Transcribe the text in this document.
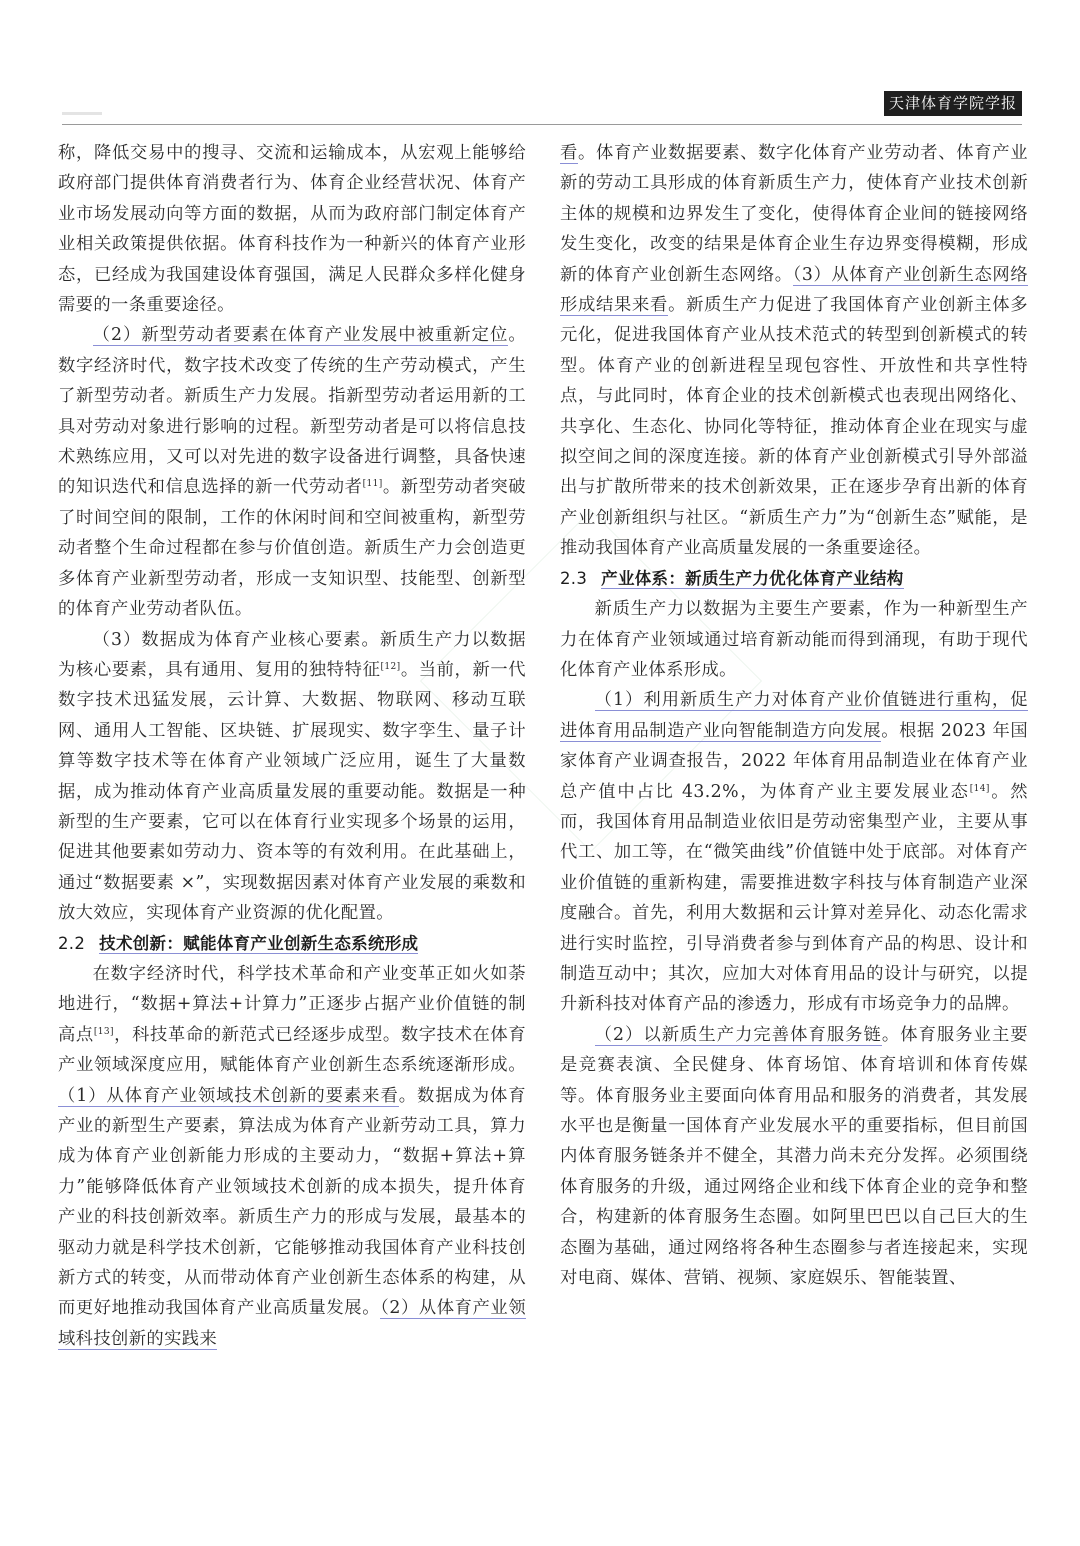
天津体育学院学报

称，降低交易中的搜寻、交流和运输成本，从宏观上能够给政府部门提供体育消费者行为、体育企业经营状况、体育产业市场发展动向等方面的数据，从而为政府部门制定体育产业相关政策提供依据。体育科技作为一种新兴的体育产业形态，已经成为我国建设体育强国，满足人民群众多样化健身需要的一条重要途径。

（2）新型劳动者要素在体育产业发展中被重新定位。数字经济时代，数字技术改变了传统的生产劳动模式，产生了新型劳动者。新质生产力发展。指新型劳动者运用新的工具对劳动对象进行影响的过程。新型劳动者是可以将信息技术熟练应用，又可以对先进的数字设备进行调整，具备快速的知识迭代和信息选择的新一代劳动者[11]。新型劳动者突破了时间空间的限制，工作的休闲时间和空间被重构，新型劳动者整个生命过程都在参与价值创造。新质生产力会创造更多体育产业新型劳动者，形成一支知识型、技能型、创新型的体育产业劳动者队伍。

（3）数据成为体育产业核心要素。新质生产力以数据为核心要素，具有通用、复用的独特特征[12]。当前，新一代数字技术迅猛发展，云计算、大数据、物联网、移动互联网、通用人工智能、区块链、扩展现实、数字孪生、量子计算等数字技术等在体育产业领域广泛应用，诞生了大量数据，成为推动体育产业高质量发展的重要动能。数据是一种新型的生产要素，它可以在体育行业实现多个场景的运用，促进其他要素如劳动力、资本等的有效利用。在此基础上，通过“数据要素 ×”，实现数据因素对体育产业发展的乘数和放大效应，实现体育产业资源的优化配置。

2.2 技术创新：赋能体育产业创新生态系统形成

在数字经济时代，科学技术革命和产业变革正如火如荼地进行，“数据+算法+计算力”正逐步占据产业价值链的制高点[13]，科技革命的新范式已经逐步成型。数字技术在体育产业领域深度应用，赋能体育产业创新生态系统逐渐形成。（1）从体育产业领域技术创新的要素来看。数据成为体育产业的新型生产要素，算法成为体育产业新劳动工具，算力成为体育产业创新能力形成的主要动力，“数据+算法+算力”能够降低体育产业领域技术创新的成本损失，提升体育产业的科技创新效率。新质生产力的形成与发展，最基本的驱动力就是科学技术创新，它能够推动我国体育产业科技创新方式的转变，从而带动体育产业创新生态体系的构建，从而更好地推动我国体育产业高质量发展。（2）从体育产业领域科技创新的实践来

看。体育产业数据要素、数字化体育产业劳动者、体育产业新的劳动工具形成的体育新质生产力，使体育产业技术创新主体的规模和边界发生了变化，使得体育企业间的链接网络发生变化，改变的结果是体育企业生存边界变得模糊，形成新的体育产业创新生态网络。（3）从体育产业创新生态网络形成结果来看。新质生产力促进了我国体育产业创新主体多元化，促进我国体育产业从技术范式的转型到创新模式的转型。体育产业的创新进程呈现包容性、开放性和共享性特点，与此同时，体育企业的技术创新模式也表现出网络化、共享化、生态化、协同化等特征，推动体育企业在现实与虚拟空间之间的深度连接。新的体育产业创新模式引导外部溢出与扩散所带来的技术创新效果，正在逐步孕育出新的体育产业创新组织与社区。“新质生产力”为“创新生态”赋能，是推动我国体育产业高质量发展的一条重要途径。

2.3 产业体系：新质生产力优化体育产业结构

新质生产力以数据为主要生产要素，作为一种新型生产力在体育产业领域通过培育新动能而得到涌现，有助于现代化体育产业体系形成。

（1）利用新质生产力对体育产业价值链进行重构，促进体育用品制造产业向智能制造方向发展。根据 2023 年国家体育产业调查报告，2022 年体育用品制造业在体育产业总产值中占比 43.2%，为体育产业主要发展业态[14]。然而，我国体育用品制造业依旧是劳动密集型产业，主要从事代工、加工等，在“微笑曲线”价值链中处于底部。对体育产业价值链的重新构建，需要推进数字科技与体育制造产业深度融合。首先，利用大数据和云计算对差异化、动态化需求进行实时监控，引导消费者参与到体育产品的构思、设计和制造互动中；其次，应加大对体育用品的设计与研究，以提升新科技对体育产品的渗透力，形成有市场竞争力的品牌。

（2）以新质生产力完善体育服务链。体育服务业主要是竞赛表演、全民健身、体育场馆、体育培训和体育传媒等。体育服务业主要面向体育用品和服务的消费者，其发展水平也是衡量一国体育产业发展水平的重要指标，但目前国内体育服务链条并不健全，其潜力尚未充分发挥。必须围绕体育服务的升级，通过网络企业和线下体育企业的竞争和整合，构建新的体育服务生态圈。如阿里巴巴以自己巨大的生态圈为基础，通过网络将各种生态圈参与者连接起来，实现对电商、媒体、营销、视频、家庭娱乐、智能装置、
